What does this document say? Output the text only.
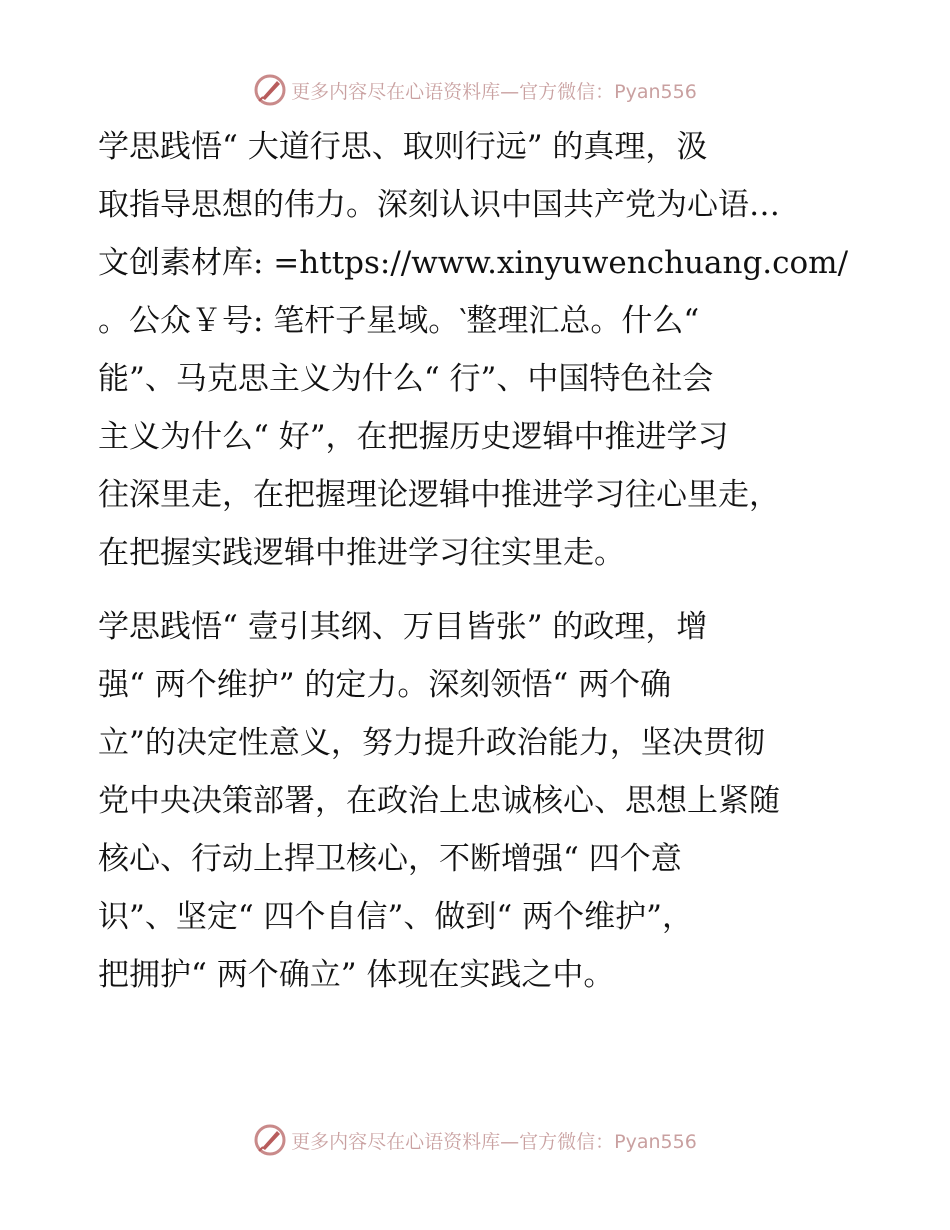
更多内容尽在心语资料库—官方微信：Pyan556
学思践悟“ 大道行思、取则行远” 的真理，汲
取指导思想的伟力。深刻认识中国共产党为心语…
文创素材库: =https://www.xinyuwenchuang.com/
。公众￥号: 笔杆子星域。‵整理汇总。什么“
能”、马克思主义为什么“ 行”、中国特色社会
主义为什么“ 好”，在把握历史逻辑中推进学习
往深里走，在把握理论逻辑中推进学习往心里走，
在把握实践逻辑中推进学习往实里走。
学思践悟“ 壹引其纲、万目皆张” 的政理，增
强“ 两个维护” 的定力。深刻领悟“ 两个确
立”的决定性意义，努力提升政治能力，坚决贯彻
党中央决策部署，在政治上忠诚核心、思想上紧随
核心、行动上捍卫核心，不断增强“ 四个意
识”、坚定“ 四个自信”、做到“ 两个维护”，
把拥护“ 两个确立” 体现在实践之中。
更多内容尽在心语资料库—官方微信：Pyan556
